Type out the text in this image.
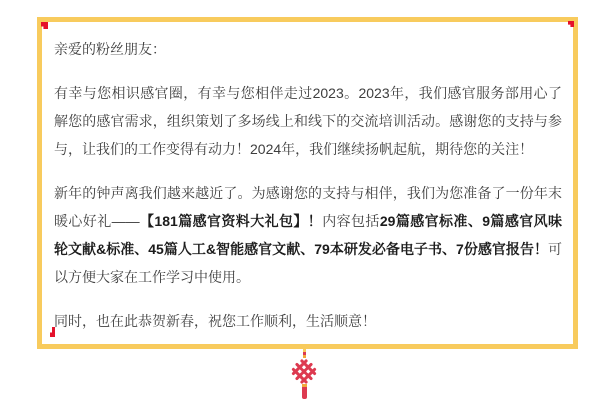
亲爱的粉丝朋友：

有幸与您相识感官圈，有幸与您相伴走过2023。2023年，我们感官服务部用心了解您的感官需求，组织策划了多场线上和线下的交流培训活动。感谢您的支持与参与，让我们的工作变得有动力！2024年，我们继续扬帆起航，期待您的关注！

新年的钟声离我们越来越近了。为感谢您的支持与相伴，我们为您准备了一份年末暖心好礼——【181篇感官资料大礼包】！内容包括29篇感官标准、9篇感官风味轮文献&标准、45篇人工&智能感官文献、79本研发必备电子书、7份感官报告！可以方便大家在工作学习中使用。

同时，也在此恭贺新春，祝您工作顺利，生活顺意！
